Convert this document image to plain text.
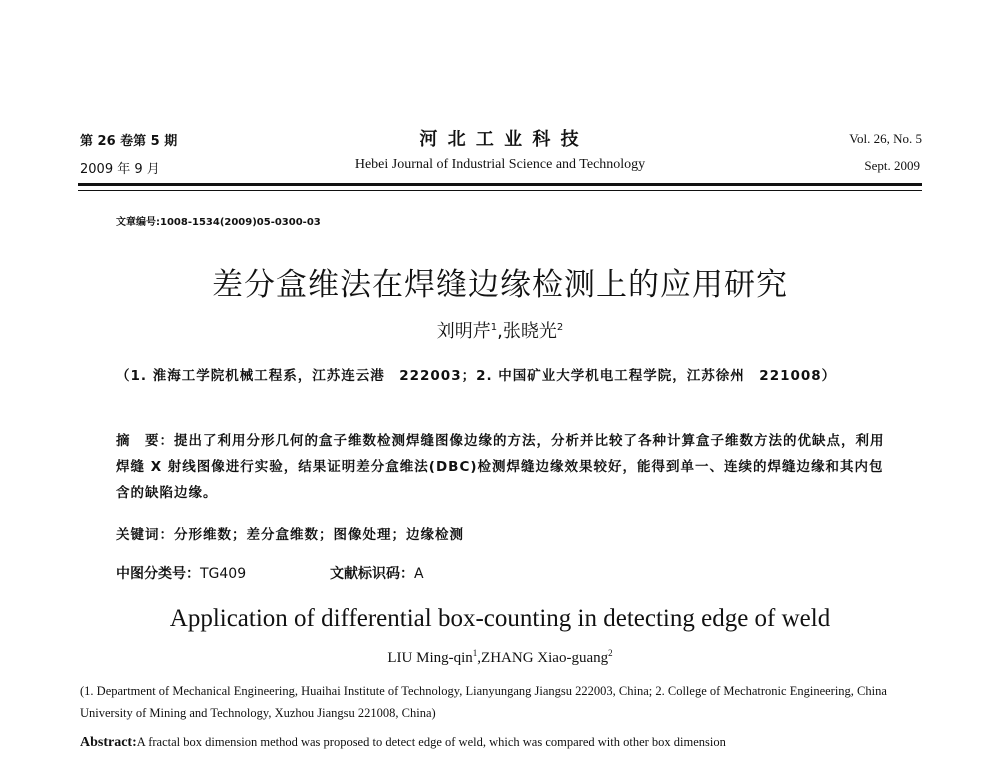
第 26 卷第 5 期
2009 年 9 月
河 北 工 业 科 技
Hebei Journal of Industrial Science and Technology
Vol. 26, No. 5
Sept. 2009
文章编号:1008-1534(2009)05-0300-03
差分盒维法在焊缝边缘检测上的应用研究
刘明芹$^1$,张晓光$^2$
（1. 淮海工学院机械工程系，江苏连云港　222003；2. 中国矿业大学机电工程学院，江苏徐州　221008）
摘　要：提出了利用分形几何的盒子维数检测焊缝图像边缘的方法，分析并比较了各种计算盒子维数方法的优缺点，利用焊缝 X 射线图像进行实验，结果证明差分盒维法(DBC)检测焊缝边缘效果较好，能得到单一、连续的焊缝边缘和其内包含的缺陷边缘。
关键词：分形维数；差分盒维数；图像处理；边缘检测
中图分类号：TG409	文献标识码：A
Application of differential box-counting in detecting edge of weld
LIU Ming-qin$^1$,ZHANG Xiao-guang$^2$
(1. Department of Mechanical Engineering, Huaihai Institute of Technology, Lianyungang Jiangsu 222003, China; 2. College of Mechatronic Engineering, China University of Mining and Technology, Xuzhou Jiangsu 221008, China)
Abstract:A fractal box dimension method was proposed to detect edge of weld, which was compared with other box dimension
